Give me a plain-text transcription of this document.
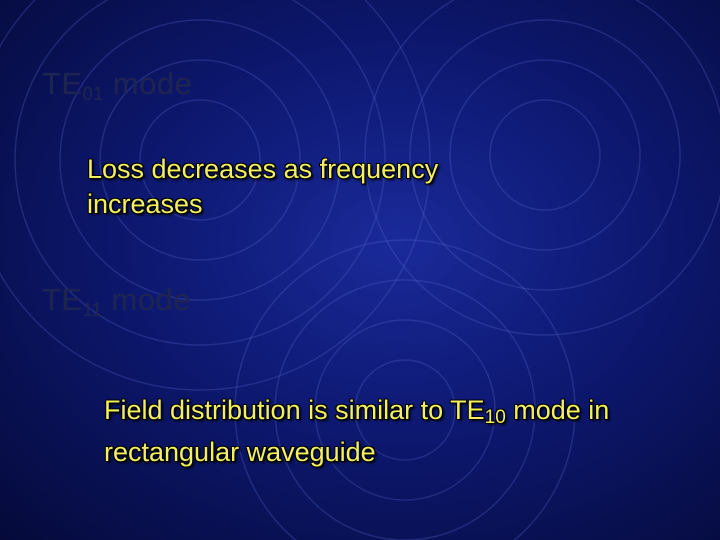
$TE_{01}$ mode
Loss decreases as frequency increases
$TE_{11}$ mode
Field distribution is similar to $TE_{10}$ mode in rectangular waveguide
